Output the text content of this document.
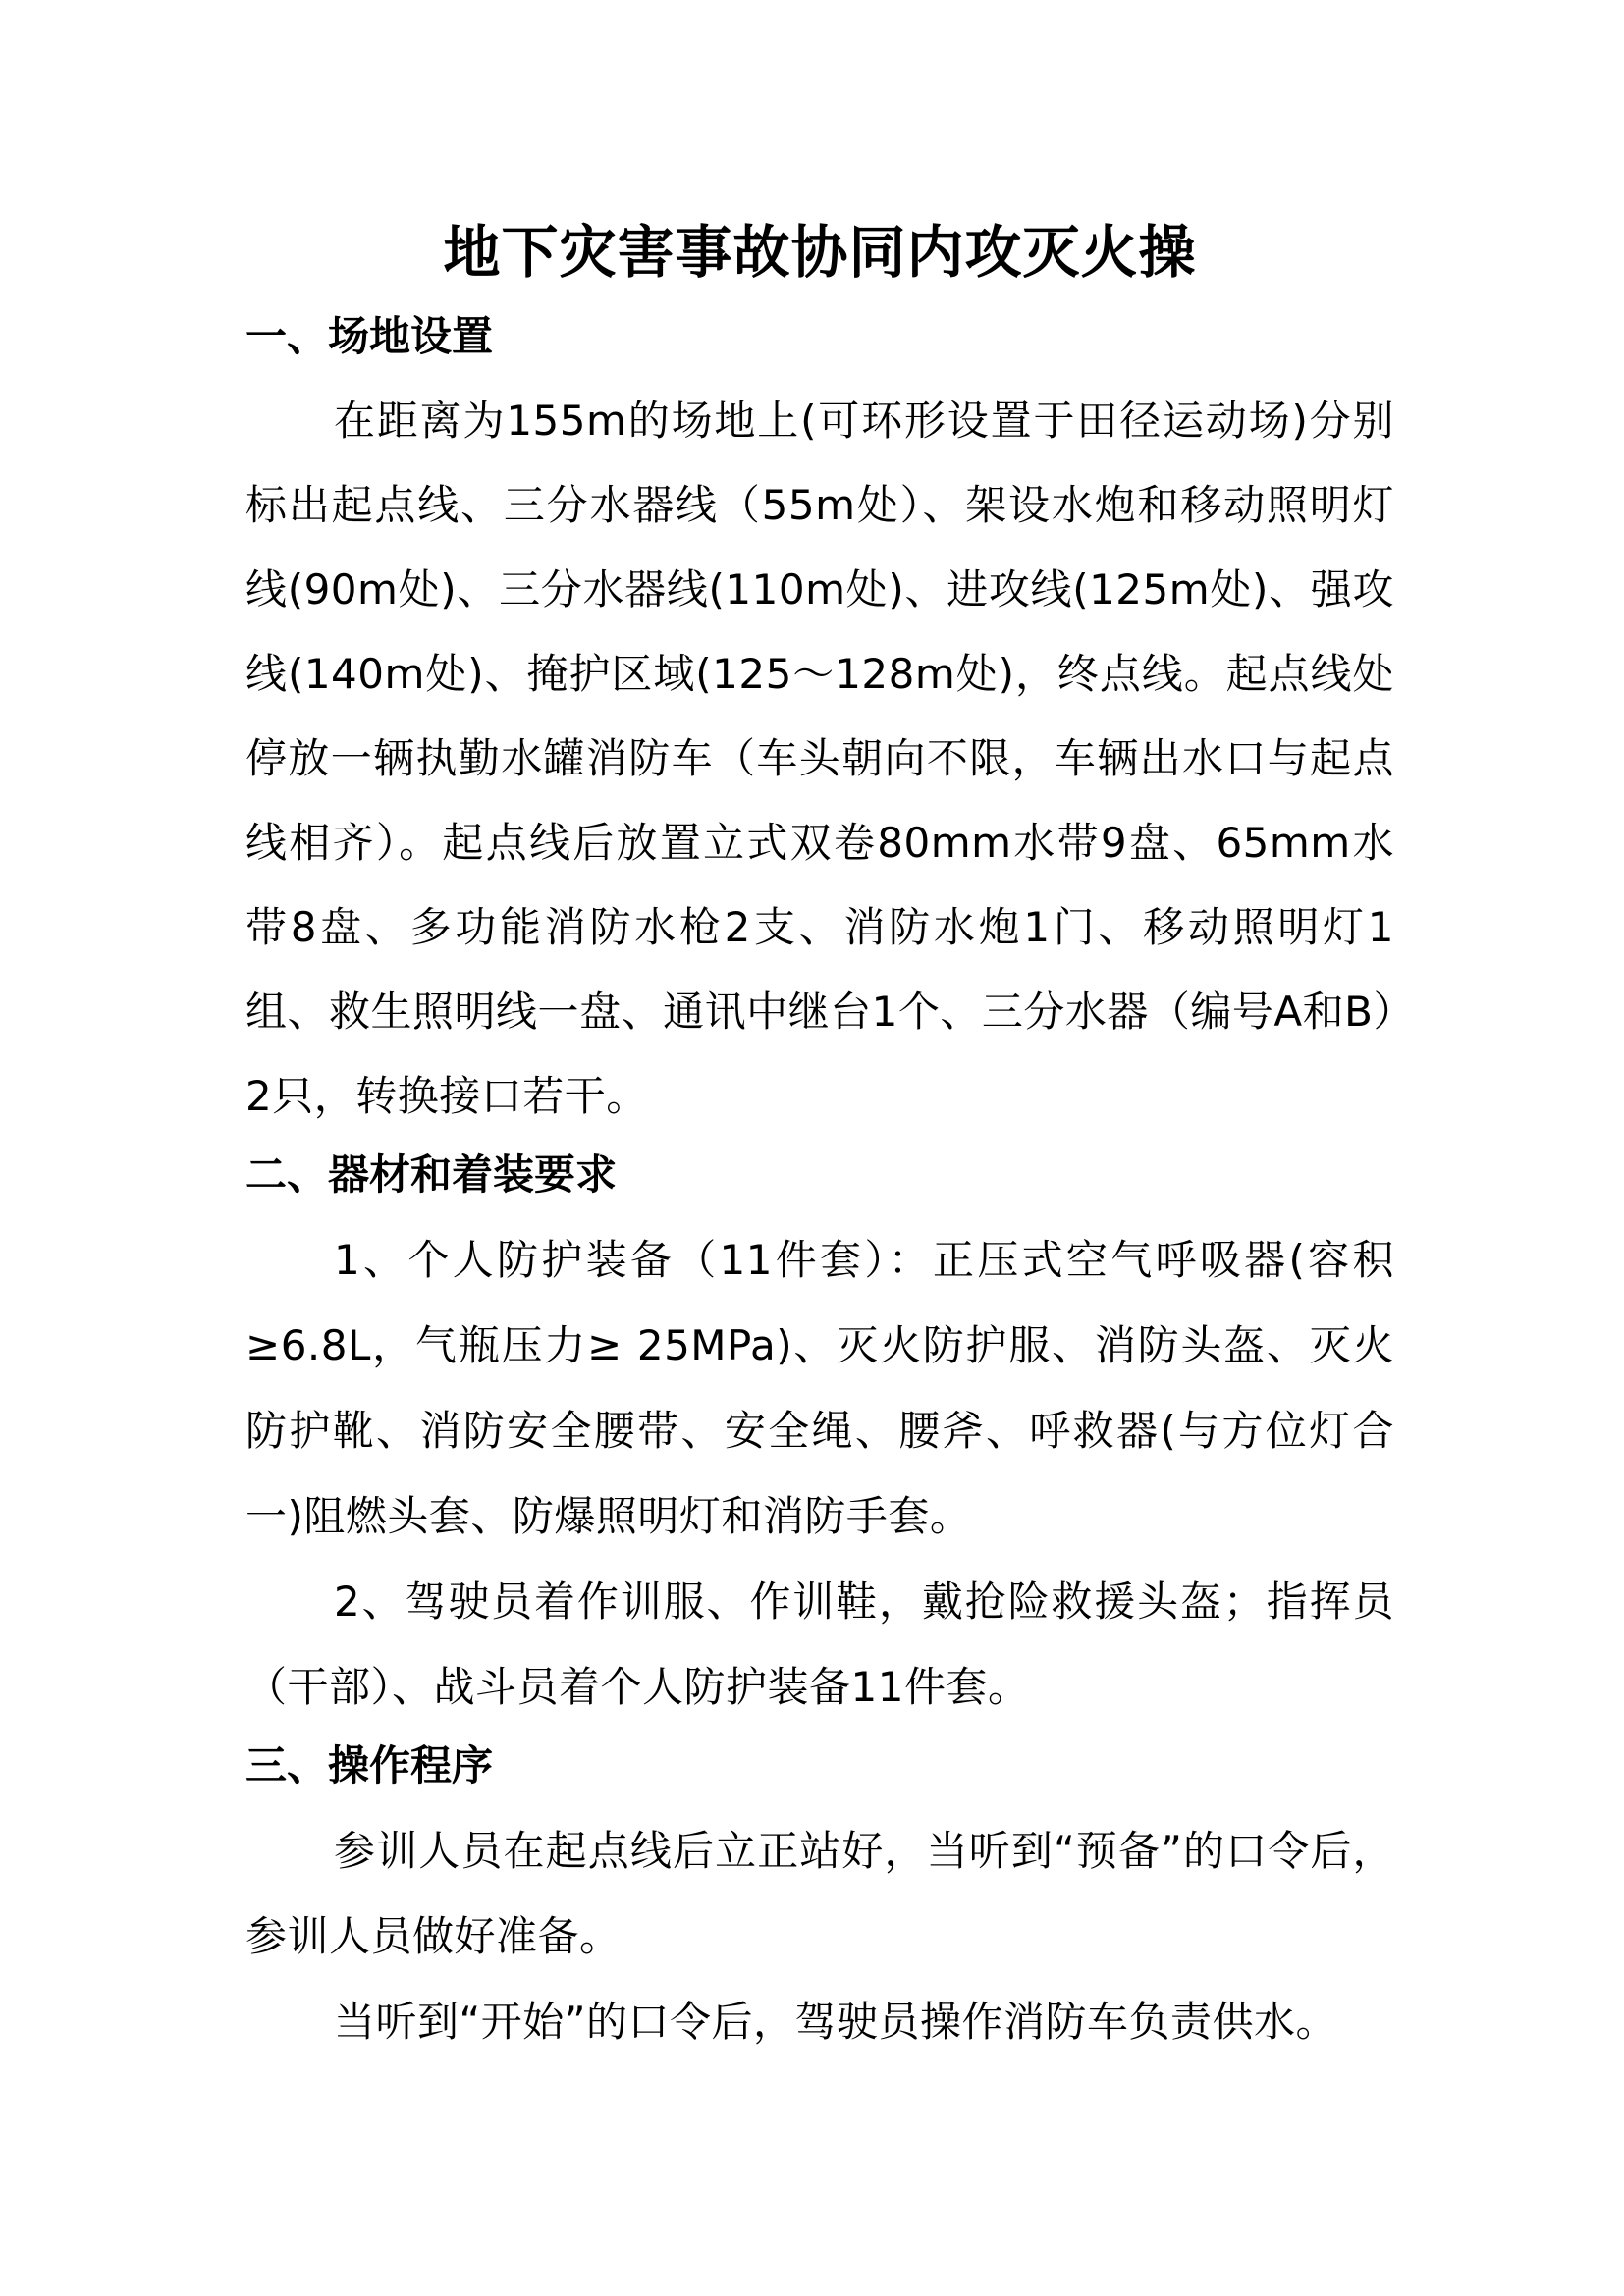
地下灾害事故协同内攻灭火操
一、场地设置

在距离为155m的场地上(可环形设置于田径运动场)分别标出起点线、三分水器线（55m处）、架设水炮和移动照明灯线(90m处)、三分水器线(110m处)、进攻线(125m处)、强攻线(140m处)、掩护区域(125～128m处)，终点线。起点线处停放一辆执勤水罐消防车（车头朝向不限，车辆出水口与起点线相齐）。起点线后放置立式双卷80mm水带9盘、65mm水带8盘、多功能消防水枪2支、消防水炮1门、移动照明灯1组、救生照明线一盘、通讯中继台1个、三分水器（编号A和B）2只，转换接口若干。

二、器材和着装要求

1、个人防护装备（11件套）：正压式空气呼吸器(容积≥6.8L，气瓶压力≥ 25MPa)、灭火防护服、消防头盔、灭火防护靴、消防安全腰带、安全绳、腰斧、呼救器(与方位灯合一)阻燃头套、防爆照明灯和消防手套。

2、驾驶员着作训服、作训鞋，戴抢险救援头盔；指挥员（干部）、战斗员着个人防护装备11件套。

三、操作程序

参训人员在起点线后立正站好，当听到“预备”的口令后，参训人员做好准备。

当听到“开始”的口令后，驾驶员操作消防车负责供水。
